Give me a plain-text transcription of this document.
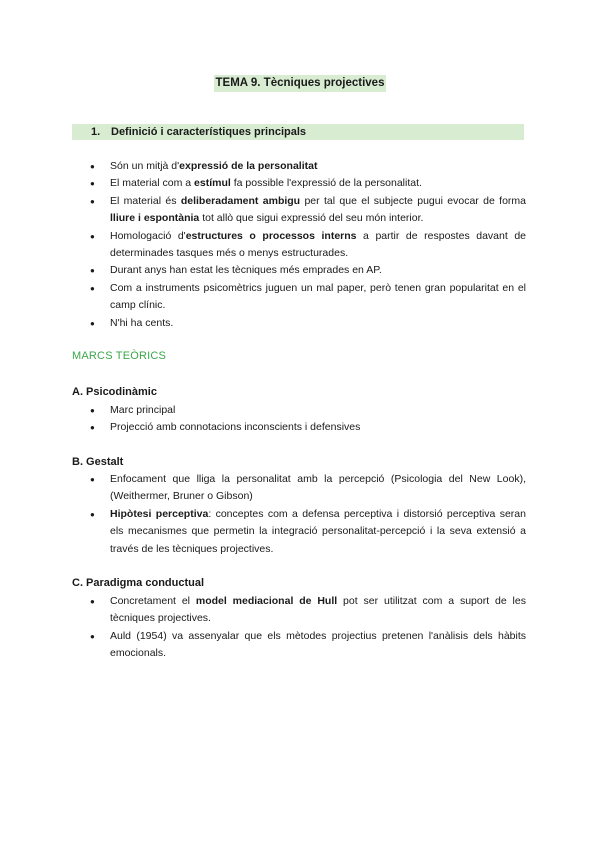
TEMA 9. Tècniques projectives
1. Definició i característiques principals
● Són un mitjà d'expressió de la personalitat
● El material com a estímul fa possible l'expressió de la personalitat.
● El material és deliberadament ambigu per tal que el subjecte pugui evocar de forma lliure i espontània tot allò que sigui expressió del seu món interior.
● Homologació d'estructures o processos interns a partir de respostes davant de determinades tasques més o menys estructurades.
● Durant anys han estat les tècniques més emprades en AP.
● Com a instruments psicomètrics juguen un mal paper, però tenen gran popularitat en el camp clínic.
● N'hi ha cents.
MARCS TEÒRICS
A. Psicodinàmic
● Marc principal
● Projecció amb connotacions inconscients i defensives
B. Gestalt
● Enfocament que lliga la personalitat amb la percepció (Psicologia del New Look), (Weithermer, Bruner o Gibson)
● Hipòtesi perceptiva: conceptes com a defensa perceptiva i distorsió perceptiva seran els mecanismes que permetin la integració personalitat-percepció i la seva extensió a través de les tècniques projectives.
C. Paradigma conductual
● Concretament el model mediacional de Hull pot ser utilitzat com a suport de les tècniques projectives.
● Auld (1954) va assenyalar que els mètodes projectius pretenen l'anàlisis dels hàbits emocionals.
